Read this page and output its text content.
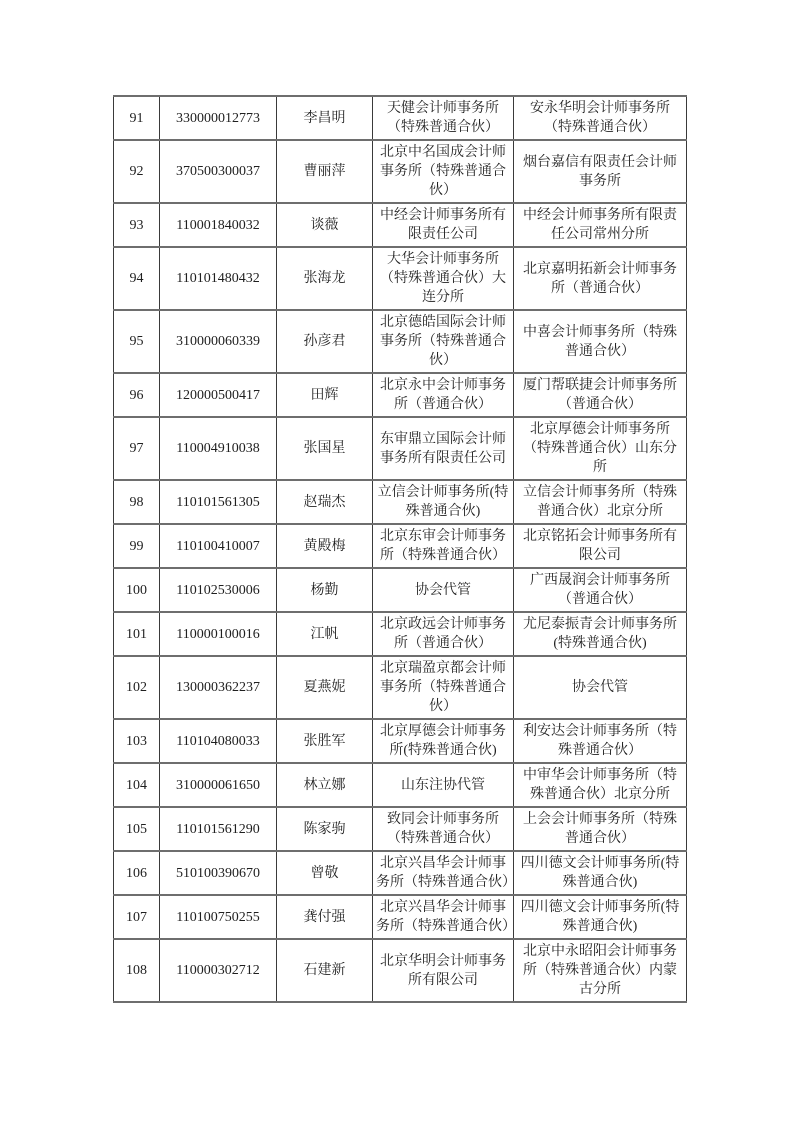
91	330000012773	李昌明	天健会计师事务所（特殊普通合伙）	安永华明会计师事务所（特殊普通合伙）
92	370500300037	曹丽萍	北京中名国成会计师事务所（特殊普通合伙）	烟台嘉信有限责任会计师事务所
93	110001840032	谈薇	中经会计师事务所有限责任公司	中经会计师事务所有限责任公司常州分所
94	110101480432	张海龙	大华会计师事务所（特殊普通合伙）大连分所	北京嘉明拓新会计师事务所（普通合伙）
95	310000060339	孙彦君	北京德皓国际会计师事务所（特殊普通合伙）	中喜会计师事务所（特殊普通合伙）
96	120000500417	田辉	北京永中会计师事务所（普通合伙）	厦门帮联捷会计师事务所（普通合伙）
97	110004910038	张国星	东审鼎立国际会计师事务所有限责任公司	北京厚德会计师事务所（特殊普通合伙）山东分所
98	110101561305	赵瑞杰	立信会计师事务所(特殊普通合伙)	立信会计师事务所（特殊普通合伙）北京分所
99	110100410007	黄殿梅	北京东审会计师事务所（特殊普通合伙）	北京铭拓会计师事务所有限公司
100	110102530006	杨勤	协会代管	广西晟润会计师事务所（普通合伙）
101	110000100016	江帆	北京政远会计师事务所（普通合伙）	尤尼泰振青会计师事务所(特殊普通合伙)
102	130000362237	夏燕妮	北京瑞盈京都会计师事务所（特殊普通合伙）	协会代管
103	110104080033	张胜军	北京厚德会计师事务所(特殊普通合伙)	利安达会计师事务所（特殊普通合伙）
104	310000061650	林立娜	山东注协代管	中审华会计师事务所（特殊普通合伙）北京分所
105	110101561290	陈家驹	致同会计师事务所（特殊普通合伙）	上会会计师事务所（特殊普通合伙）
106	510100390670	曾敬	北京兴昌华会计师事务所（特殊普通合伙）	四川德文会计师事务所(特殊普通合伙)
107	110100750255	龚付强	北京兴昌华会计师事务所（特殊普通合伙）	四川德文会计师事务所(特殊普通合伙)
108	110000302712	石建新	北京华明会计师事务所有限公司	北京中永昭阳会计师事务所（特殊普通合伙）内蒙古分所
